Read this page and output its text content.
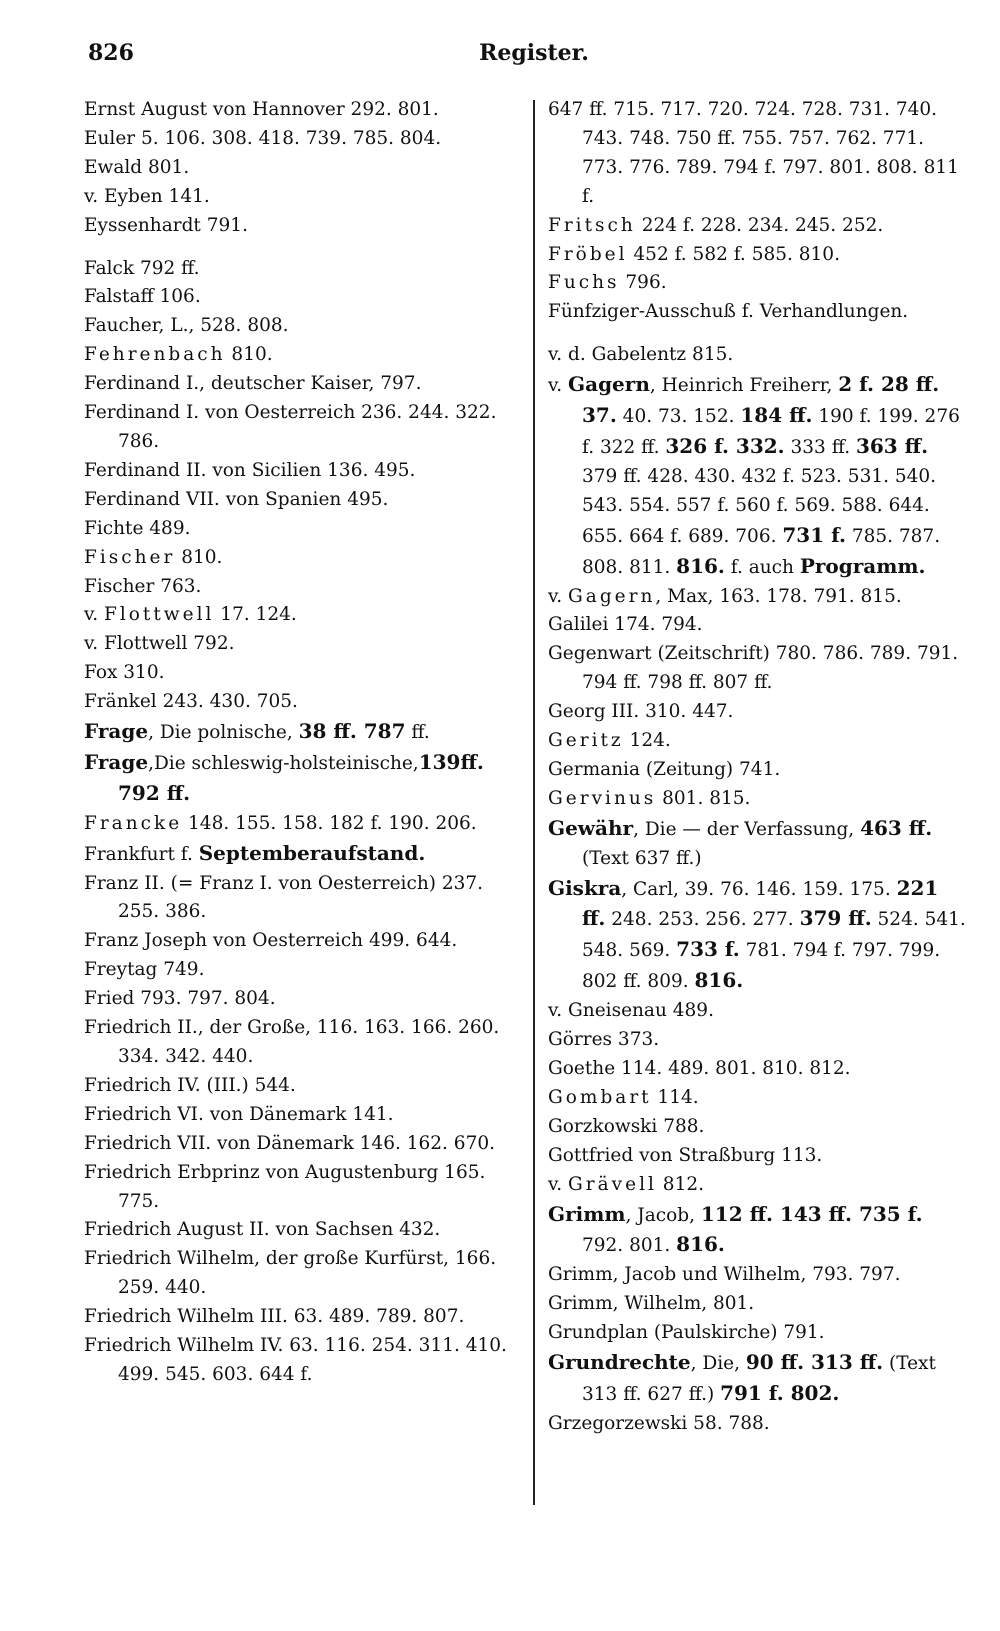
826	Register.
Ernst August von Hannover 292. 801.
Euler 5. 106. 308. 418. 739. 785. 804.
Ewald 801.
v. Eyben 141.
Eyssenhardt 791.
Falck 792 ff.
Falstaff 106.
Faucher, L., 528. 808.
Fehrenbach 810.
Ferdinand I., deutscher Kaiser, 797.
Ferdinand I. von Oesterreich 236. 244. 322. 786.
Ferdinand II. von Sicilien 136. 495.
Ferdinand VII. von Spanien 495.
Fichte 489.
Fischer 810.
Fischer 763.
v. Flottwell 17. 124.
v. Flottwell 792.
Fox 310.
Fränkel 243. 430. 705.
Frage, Die polnische, 38 ff. 787 ff.
Frage,Die schleswig-holsteinische,139ff. 792 ff.
Francke 148. 155. 158. 182 f. 190. 206.
Frankfurt f. Septemberaufstand.
Franz II. (= Franz I. von Oesterreich) 237. 255. 386.
Franz Joseph von Oesterreich 499. 644.
Freytag 749.
Fried 793. 797. 804.
Friedrich II., der Große, 116. 163. 166. 260. 334. 342. 440.
Friedrich IV. (III.) 544.
Friedrich VI. von Dänemark 141.
Friedrich VII. von Dänemark 146. 162. 670.
Friedrich Erbprinz von Augustenburg 165. 775.
Friedrich August II. von Sachsen 432.
Friedrich Wilhelm, der große Kurfürst, 166. 259. 440.
Friedrich Wilhelm III. 63. 489. 789. 807.
Friedrich Wilhelm IV. 63. 116. 254. 311. 410. 499. 545. 603. 644 f.
647 ff. 715. 717. 720. 724. 728. 731. 740. 743. 748. 750 ff. 755. 757. 762. 771. 773. 776. 789. 794 f. 797. 801. 808. 811 f.
Fritsch 224 f. 228. 234. 245. 252.
Fröbel 452 f. 582 f. 585. 810.
Fuchs 796.
Fünfziger-Ausschuß f. Verhandlungen.
v. d. Gabelentz 815.
v. Gagern, Heinrich Freiherr, 2 f. 28 ff. 37. 40. 73. 152. 184 ff. 190 f. 199. 276 f. 322 ff. 326 f. 332. 333 ff. 363 ff. 379 ff. 428. 430. 432 f. 523. 531. 540. 543. 554. 557 f. 560 f. 569. 588. 644. 655. 664 f. 689. 706. 731 f. 785. 787. 808. 811. 816. f. auch Programm.
v. Gagern, Max, 163. 178. 791. 815.
Galilei 174. 794.
Gegenwart (Zeitschrift) 780. 786. 789. 791. 794 ff. 798 ff. 807 ff.
Georg III. 310. 447.
Geritz 124.
Germania (Zeitung) 741.
Gervinus 801. 815.
Gewähr, Die — der Verfassung, 463 ff. (Text 637 ff.)
Giskra, Carl, 39. 76. 146. 159. 175. 221 ff. 248. 253. 256. 277. 379 ff. 524. 541. 548. 569. 733 f. 781. 794 f. 797. 799. 802 ff. 809. 816.
v. Gneisenau 489.
Görres 373.
Goethe 114. 489. 801. 810. 812.
Gombart 114.
Gorzkowski 788.
Gottfried von Straßburg 113.
v. Grävell 812.
Grimm, Jacob, 112 ff. 143 ff. 735 f. 792. 801. 816.
Grimm, Jacob und Wilhelm, 793. 797.
Grimm, Wilhelm, 801.
Grundplan (Paulskirche) 791.
Grundrechte, Die, 90 ff. 313 ff. (Text 313 ff. 627 ff.) 791 f. 802.
Grzegorzewski 58. 788.
